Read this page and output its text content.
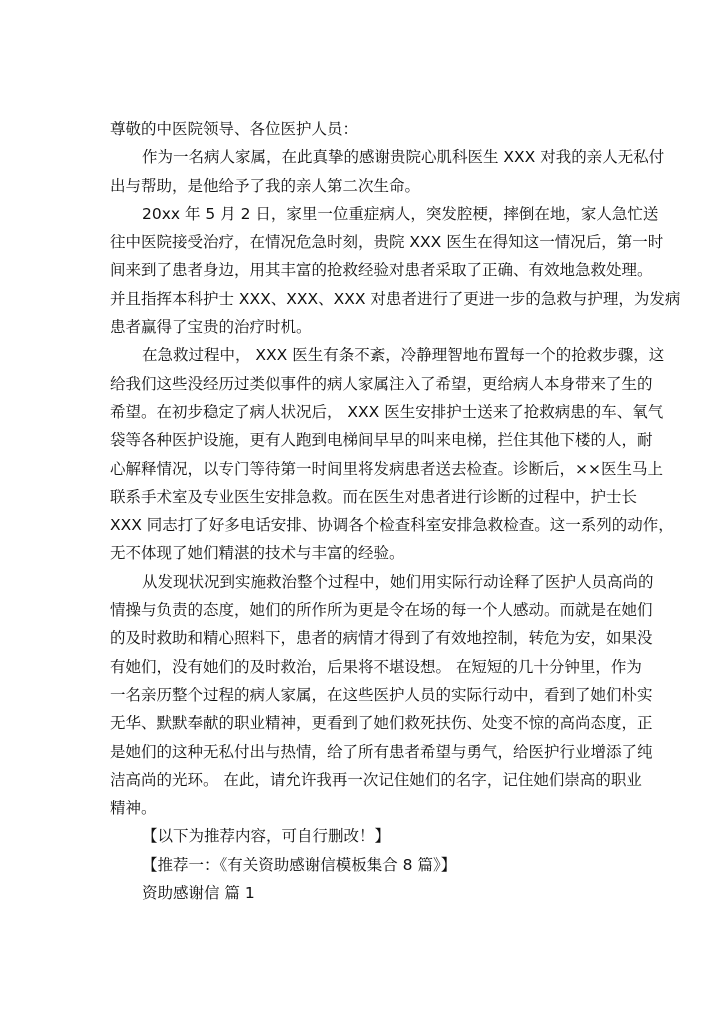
尊敬的中医院领导、各位医护人员：
作为一名病人家属，在此真挚的感谢贵院心肌科医生 XXX 对我的亲人无私付
出与帮助，是他给予了我的亲人第二次生命。
20xx 年 5 月 2 日，家里一位重症病人，突发腔梗，摔倒在地，家人急忙送
往中医院接受治疗，在情况危急时刻，贵院 XXX 医生在得知这一情况后，第一时
间来到了患者身边，用其丰富的抢救经验对患者采取了正确、有效地急救处理。
并且指挥本科护士 XXX、XXX、XXX 对患者进行了更进一步的急救与护理，为发病
患者赢得了宝贵的治疗时机。
在急救过程中， XXX 医生有条不紊，冷静理智地布置每一个的抢救步骤，这
给我们这些没经历过类似事件的病人家属注入了希望，更给病人本身带来了生的
希望。在初步稳定了病人状况后， XXX 医生安排护士送来了抢救病患的车、氧气
袋等各种医护设施，更有人跑到电梯间早早的叫来电梯，拦住其他下楼的人，耐
心解释情况，以专门等待第一时间里将发病患者送去检查。诊断后，××医生马上
联系手术室及专业医生安排急救。而在医生对患者进行诊断的过程中，护士长
XXX 同志打了好多电话安排、协调各个检查科室安排急救检查。这一系列的动作，
无不体现了她们精湛的技术与丰富的经验。
从发现状况到实施救治整个过程中，她们用实际行动诠释了医护人员高尚的
情操与负责的态度，她们的所作所为更是令在场的每一个人感动。而就是在她们
的及时救助和精心照料下，患者的病情才得到了有效地控制，转危为安，如果没
有她们，没有她们的及时救治，后果将不堪设想。 在短短的几十分钟里，作为
一名亲历整个过程的病人家属，在这些医护人员的实际行动中，看到了她们朴实
无华、默默奉献的职业精神，更看到了她们救死扶伤、处变不惊的高尚态度，正
是她们的这种无私付出与热情，给了所有患者希望与勇气，给医护行业增添了纯
洁高尚的光环。 在此，请允许我再一次记住她们的名字，记住她们崇高的职业
精神。
【以下为推荐内容，可自行删改！】
【推荐一：《有关资助感谢信模板集合 8 篇》】
资助感谢信 篇 1
